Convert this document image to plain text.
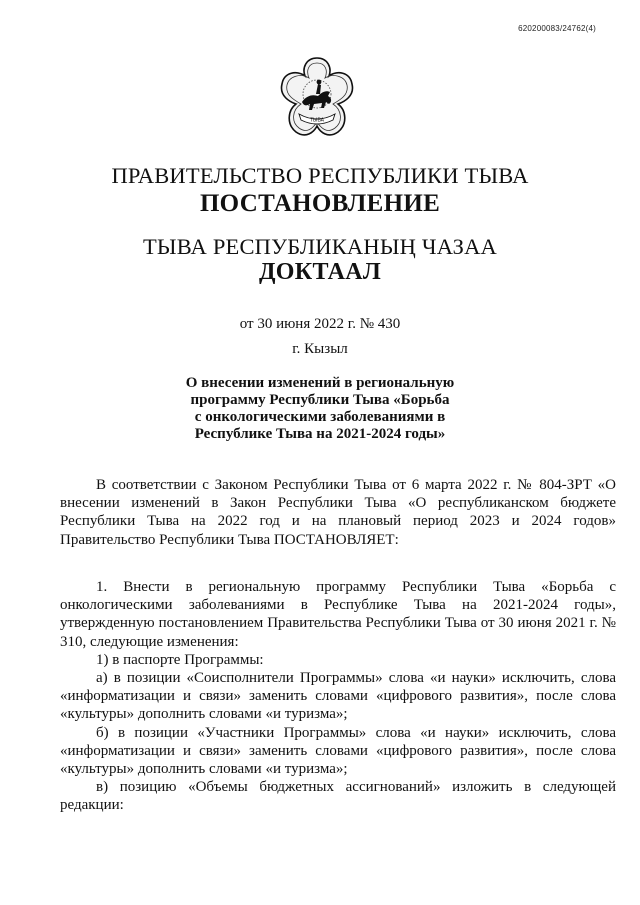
620200083/24762(4)
ТЫВА
ПРАВИТЕЛЬСТВО РЕСПУБЛИКИ ТЫВА
ПОСТАНОВЛЕНИЕ
ТЫВА РЕСПУБЛИКАНЫҢ ЧАЗАА
ДОКТААЛ
от 30 июня 2022 г. № 430
г. Кызыл
О внесении изменений в региональную
программу Республики Тыва «Борьба
с онкологическими заболеваниями в
Республике Тыва на 2021-2024 годы»

В соответствии с Законом Республики Тыва от 6 марта 2022 г. № 804-ЗРТ «О внесении изменений в Закон Республики Тыва «О республиканском бюджете Республики Тыва на 2022 год и на плановый период 2023 и 2024 годов» Правительство Республики Тыва ПОСТАНОВЛЯЕТ:

1. Внести в региональную программу Республики Тыва «Борьба с онкологическими заболеваниями в Республике Тыва на 2021-2024 годы», утвержденную постановлением Правительства Республики Тыва от 30 июня 2021 г. № 310, следующие изменения:

1) в паспорте Программы:

а) в позиции «Соисполнители Программы» слова «и науки» исключить, слова «информатизации и связи» заменить словами «цифрового развития», после слова «культуры» дополнить словами «и туризма»;

б) в позиции «Участники Программы» слова «и науки» исключить, слова «информатизации и связи» заменить словами «цифрового развития», после слова «культуры» дополнить словами «и туризма»;

в) позицию «Объемы бюджетных ассигнований» изложить в следующей редакции:
